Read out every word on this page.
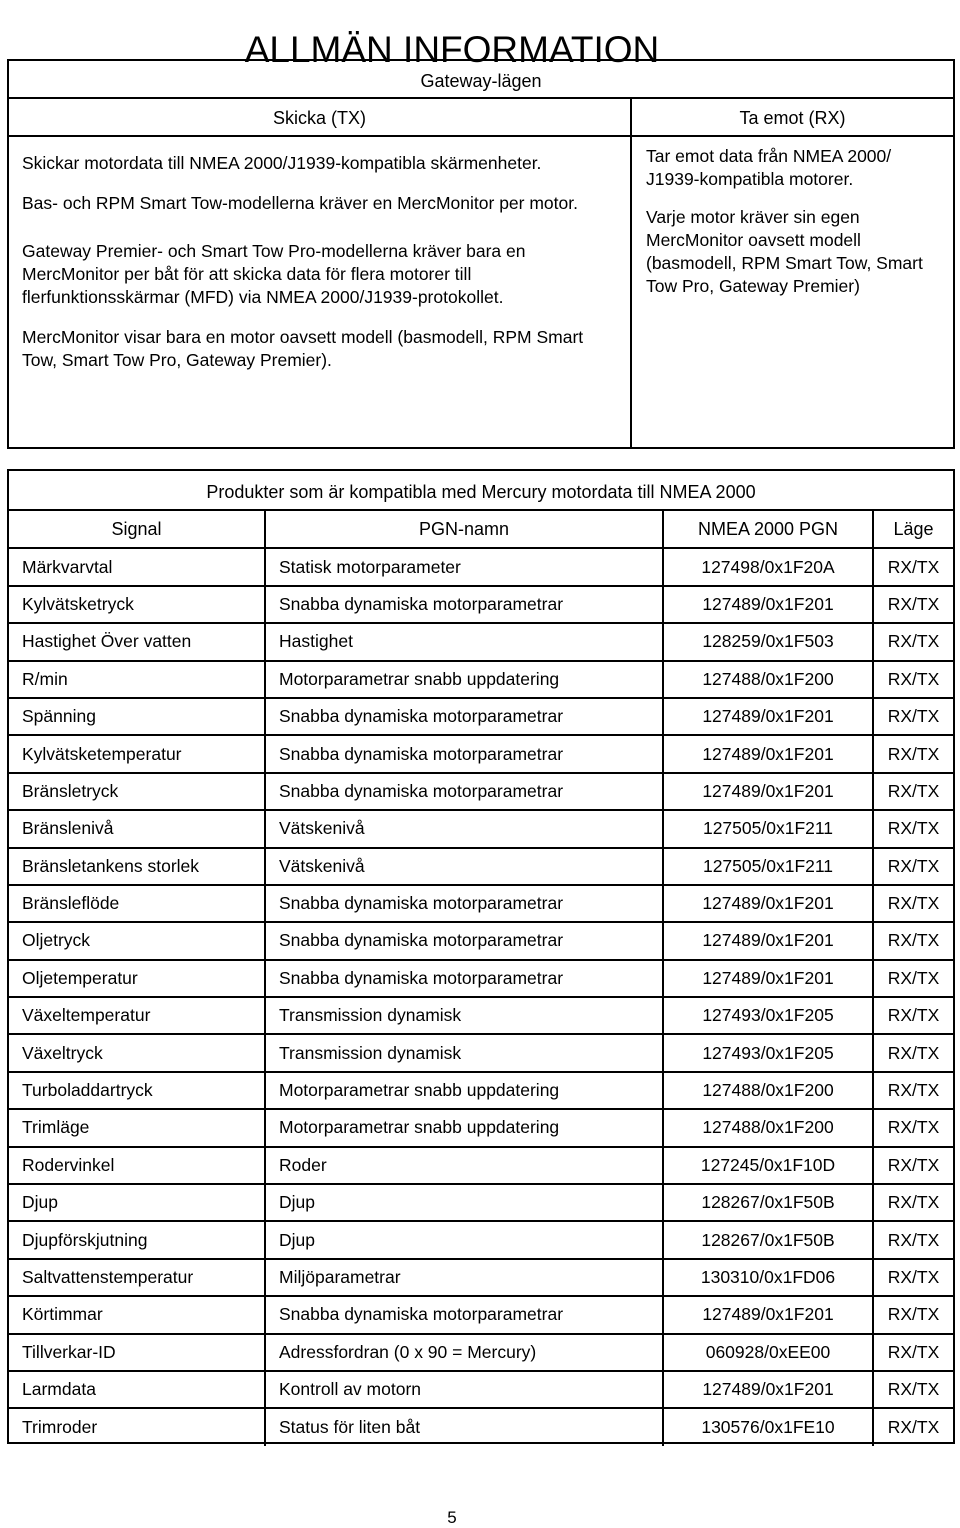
ALLMÄN INFORMATION
Gateway-lägen
Skicka (TX)

Skickar motordata till NMEA 2000/J1939-kompatibla skärmenheter.

Bas- och RPM Smart Tow-modellerna kräver en MercMonitor per motor.

Gateway Premier- och Smart Tow Pro-modellerna kräver bara en MercMonitor per båt för att skicka data för flera motorer till flerfunktionsskärmar (MFD) via NMEA 2000/J1939-protokollet.

MercMonitor visar bara en motor oavsett modell (basmodell, RPM Smart Tow, Smart Tow Pro, Gateway Premier).

Ta emot (RX)

Tar emot data från NMEA 2000/ J1939-kompatibla motorer.

Varje motor kräver sin egen MercMonitor oavsett modell (basmodell, RPM Smart Tow, Smart Tow Pro, Gateway Premier)

Produkter som är kompatibla med Mercury motordata till NMEA 2000
Signal	PGN-namn	NMEA 2000 PGN	Läge
Märkvarvtal	Statisk motorparameter	127498/0x1F20A	RX/TX
Kylvätsketryck	Snabba dynamiska motorparametrar	127489/0x1F201	RX/TX
Hastighet Över vatten	Hastighet	128259/0x1F503	RX/TX
R/min	Motorparametrar snabb uppdatering	127488/0x1F200	RX/TX
Spänning	Snabba dynamiska motorparametrar	127489/0x1F201	RX/TX
Kylvätsketemperatur	Snabba dynamiska motorparametrar	127489/0x1F201	RX/TX
Bränsletryck	Snabba dynamiska motorparametrar	127489/0x1F201	RX/TX
Bränslenivå	Vätskenivå	127505/0x1F211	RX/TX
Bränsletankens storlek	Vätskenivå	127505/0x1F211	RX/TX
Bränsleflöde	Snabba dynamiska motorparametrar	127489/0x1F201	RX/TX
Oljetryck	Snabba dynamiska motorparametrar	127489/0x1F201	RX/TX
Oljetemperatur	Snabba dynamiska motorparametrar	127489/0x1F201	RX/TX
Växeltemperatur	Transmission dynamisk	127493/0x1F205	RX/TX
Växeltryck	Transmission dynamisk	127493/0x1F205	RX/TX
Turboladdartryck	Motorparametrar snabb uppdatering	127488/0x1F200	RX/TX
Trimläge	Motorparametrar snabb uppdatering	127488/0x1F200	RX/TX
Rodervinkel	Roder	127245/0x1F10D	RX/TX
Djup	Djup	128267/0x1F50B	RX/TX
Djupförskjutning	Djup	128267/0x1F50B	RX/TX
Saltvattenstemperatur	Miljöparametrar	130310/0x1FD06	RX/TX
Körtimmar	Snabba dynamiska motorparametrar	127489/0x1F201	RX/TX
Tillverkar-ID	Adressfordran (0 x 90 = Mercury)	060928/0xEE00	RX/TX
Larmdata	Kontroll av motorn	127489/0x1F201	RX/TX
Trimroder	Status för liten båt	130576/0x1FE10	RX/TX
5
